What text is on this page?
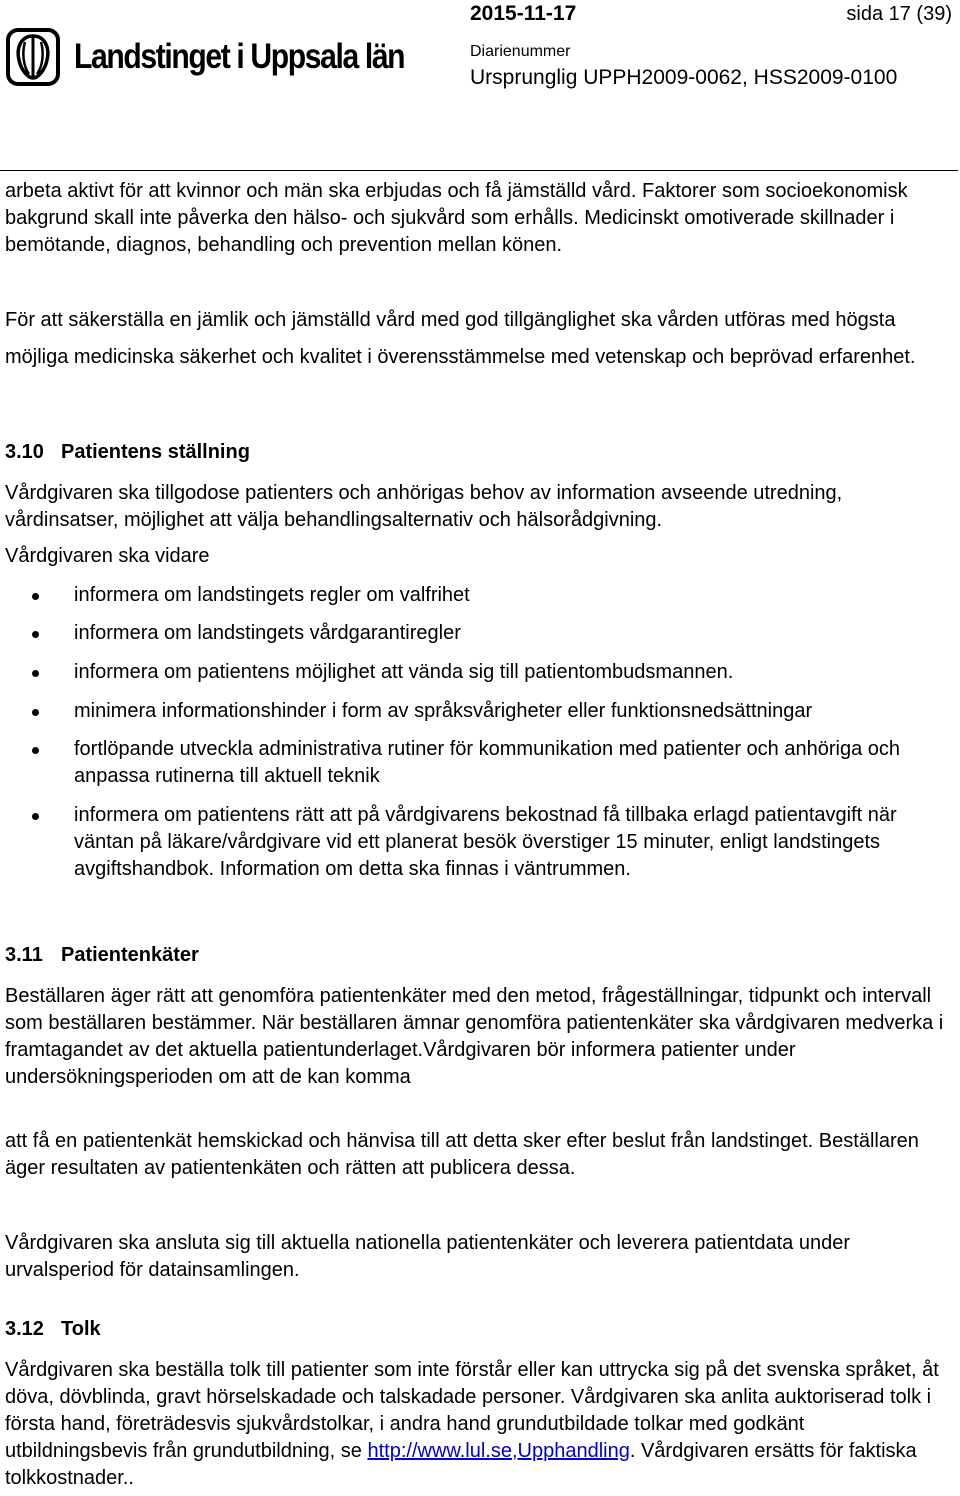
Landstinget i Uppsala län
2015-11-17	sida 17 (39)
Diarienummer
Ursprunglig UPPH2009-0062, HSS2009-0100

arbeta aktivt för att kvinnor och män ska erbjudas och få jämställd vård. Faktorer som socioekonomisk bakgrund skall inte påverka den hälso- och sjukvård som erhålls. Medicinskt omotiverade skillnader i bemötande, diagnos, behandling och prevention mellan könen.

För att säkerställa en jämlik och jämställd vård med god tillgänglighet ska vården utföras med högsta möjliga medicinska säkerhet och kvalitet i överensstämmelse med vetenskap och beprövad erfarenhet.

3.10 Patientens ställning

Vårdgivaren ska tillgodose patienters och anhörigas behov av information avseende utredning, vårdinsatser, möjlighet att välja behandlingsalternativ och hälsorådgivning.

Vårdgivaren ska vidare

informera om landstingets regler om valfrihet
informera om landstingets vårdgarantiregler
informera om patientens möjlighet att vända sig till patientombudsmannen.
minimera informationshinder i form av språksvårigheter eller funktionsnedsättningar
fortlöpande utveckla administrativa rutiner för kommunikation med patienter och anhöriga och anpassa rutinerna till aktuell teknik
informera om patientens rätt att på vårdgivarens bekostnad få tillbaka erlagd patientavgift när väntan på läkare/vårdgivare vid ett planerat besök överstiger 15 minuter, enligt landstingets avgiftshandbok. Information om detta ska finnas i väntrummen.
3.11 Patientenkäter

Beställaren äger rätt att genomföra patientenkäter med den metod, frågeställningar, tidpunkt och intervall som beställaren bestämmer. När beställaren ämnar genomföra patientenkäter ska vårdgivaren medverka i framtagandet av det aktuella patientunderlaget.Vårdgivaren bör informera patienter under undersökningsperioden om att de kan komma

att få en patientenkät hemskickad och hänvisa till att detta sker efter beslut från landstinget. Beställaren äger resultaten av patientenkäten och rätten att publicera dessa.

Vårdgivaren ska ansluta sig till aktuella nationella patientenkäter och leverera patientdata under urvalsperiod för datainsamlingen.

3.12 Tolk

Vårdgivaren ska beställa tolk till patienter som inte förstår eller kan uttrycka sig på det svenska språket, åt döva, dövblinda, gravt hörselskadade och talskadade personer. Vårdgivaren ska anlita auktoriserad tolk i första hand, företrädesvis sjukvårdstolkar, i andra hand grundutbildade tolkar med godkänt utbildningsbevis från grundutbildning, se http://www.lul.se,Upphandling. Vårdgivaren ersätts för faktiska tolkkostnader..
